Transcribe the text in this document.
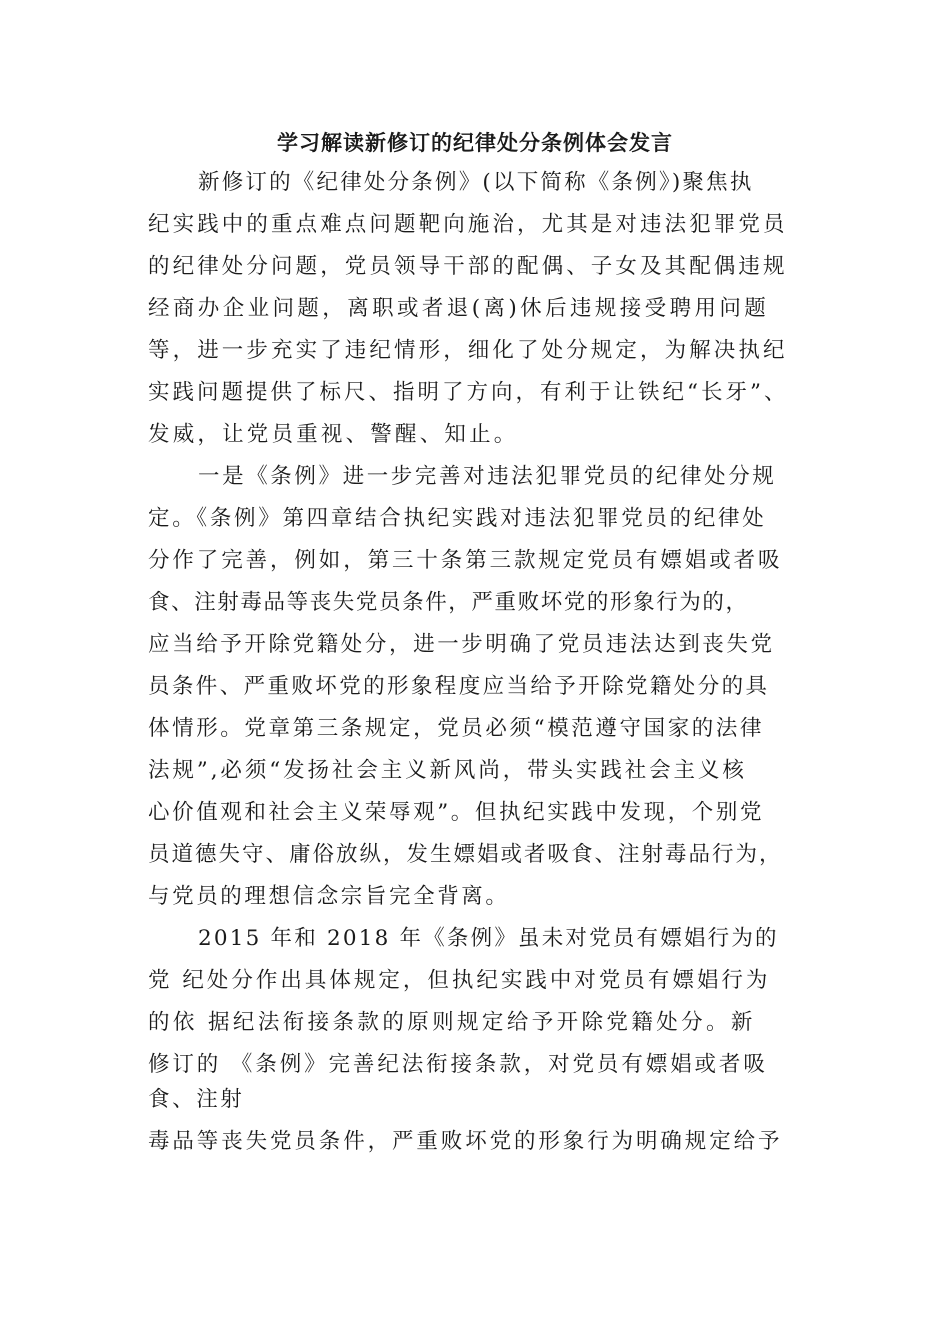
学习解读新修订的纪律处分条例体会发言
新修订的《纪律处分条例》(以下简称《条例》)聚焦执
纪实践中的重点难点问题靶向施治，尤其是对违法犯罪党员
的纪律处分问题，党员领导干部的配偶、子女及其配偶违规
经商办企业问题，离职或者退(离)休后违规接受聘用问题
等，进一步充实了违纪情形，细化了处分规定，为解决执纪
实践问题提供了标尺、指明了方向，有利于让铁纪“长牙”、
发威，让党员重视、警醒、知止。
一是《条例》进一步完善对违法犯罪党员的纪律处分规
定。《条例》第四章结合执纪实践对违法犯罪党员的纪律处
分作了完善，例如，第三十条第三款规定党员有嫖娼或者吸
食、注射毒品等丧失党员条件，严重败坏党的形象行为的，
应当给予开除党籍处分，进一步明确了党员违法达到丧失党
员条件、严重败坏党的形象程度应当给予开除党籍处分的具
体情形。党章第三条规定，党员必须“模范遵守国家的法律
法规”,必须“发扬社会主义新风尚，带头实践社会主义核
心价值观和社会主义荣辱观”。但执纪实践中发现，个别党
员道德失守、庸俗放纵，发生嫖娼或者吸食、注射毒品行为，
与党员的理想信念宗旨完全背离。
2015 年和 2018 年《条例》虽未对党员有嫖娼行为的
党 纪处分作出具体规定，但执纪实践中对党员有嫖娼行为
的依 据纪法衔接条款的原则规定给予开除党籍处分。新
修订的 《条例》完善纪法衔接条款，对党员有嫖娼或者吸
食、注射
毒品等丧失党员条件，严重败坏党的形象行为明确规定给予
